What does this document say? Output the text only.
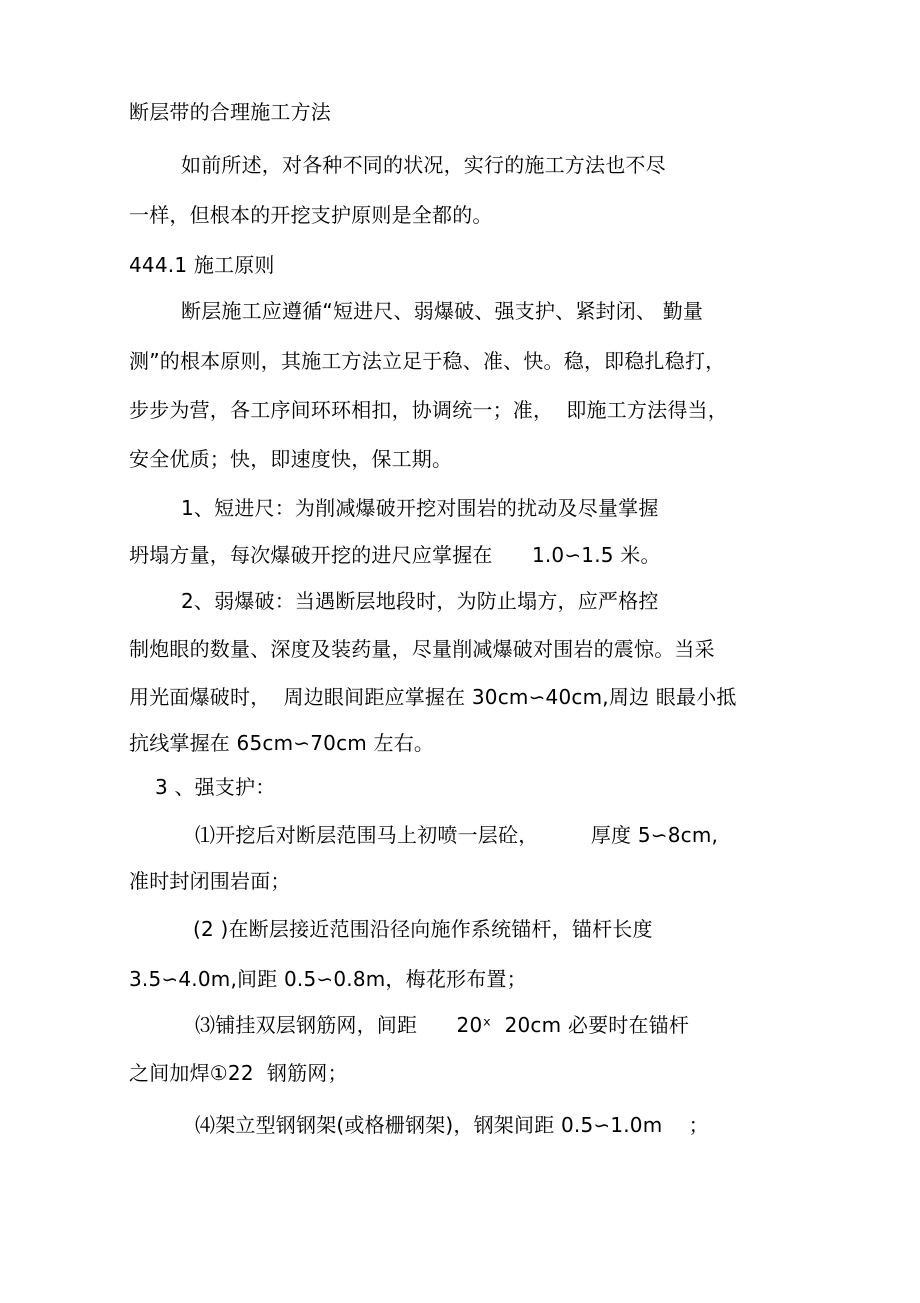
断层带的合理施工方法
如前所述，对各种不同的状况，实行的施工方法也不尽
一样，但根本的开挖支护原则是全都的。
444.1 施工原则
断层施工应遵循“短进尺、弱爆破、强支护、紧封闭、 勤量
测”的根本原则，其施工方法立足于稳、准、快。稳，即稳扎稳打，
步步为营，各工序间环环相扣，协调统一；准，  即施工方法得当，
安全优质；快，即速度快，保工期。
1、短进尺：为削减爆破开挖对围岩的扰动及尽量掌握
坍塌方量，每次爆破开挖的进尺应掌握在      1.0∽1.5 米。
2、弱爆破：当遇断层地段时，为防止塌方，应严格控
制炮眼的数量、深度及装药量，尽量削减爆破对围岩的震惊。当采
用光面爆破时，  周边眼间距应掌握在 30cm∽40cm,周边 眼最小抵
抗线掌握在 65cm∽70cm 左右。
3 、强支护：
⑴开挖后对断层范围马上初喷一层砼，        厚度 5∽8cm,
准时封闭围岩面；
(2 )在断层接近范围沿径向施作系统锚杆，锚杆长度
3.5∽4.0m,间距 0.5∽0.8m，梅花形布置；
⑶铺挂双层钢筋网，间距      20ˣ  20cm 必要时在锚杆
之间加焊①22  钢筋网；
⑷架立型钢钢架(或格栅钢架)，钢架间距 0.5∽1.0m    ；
